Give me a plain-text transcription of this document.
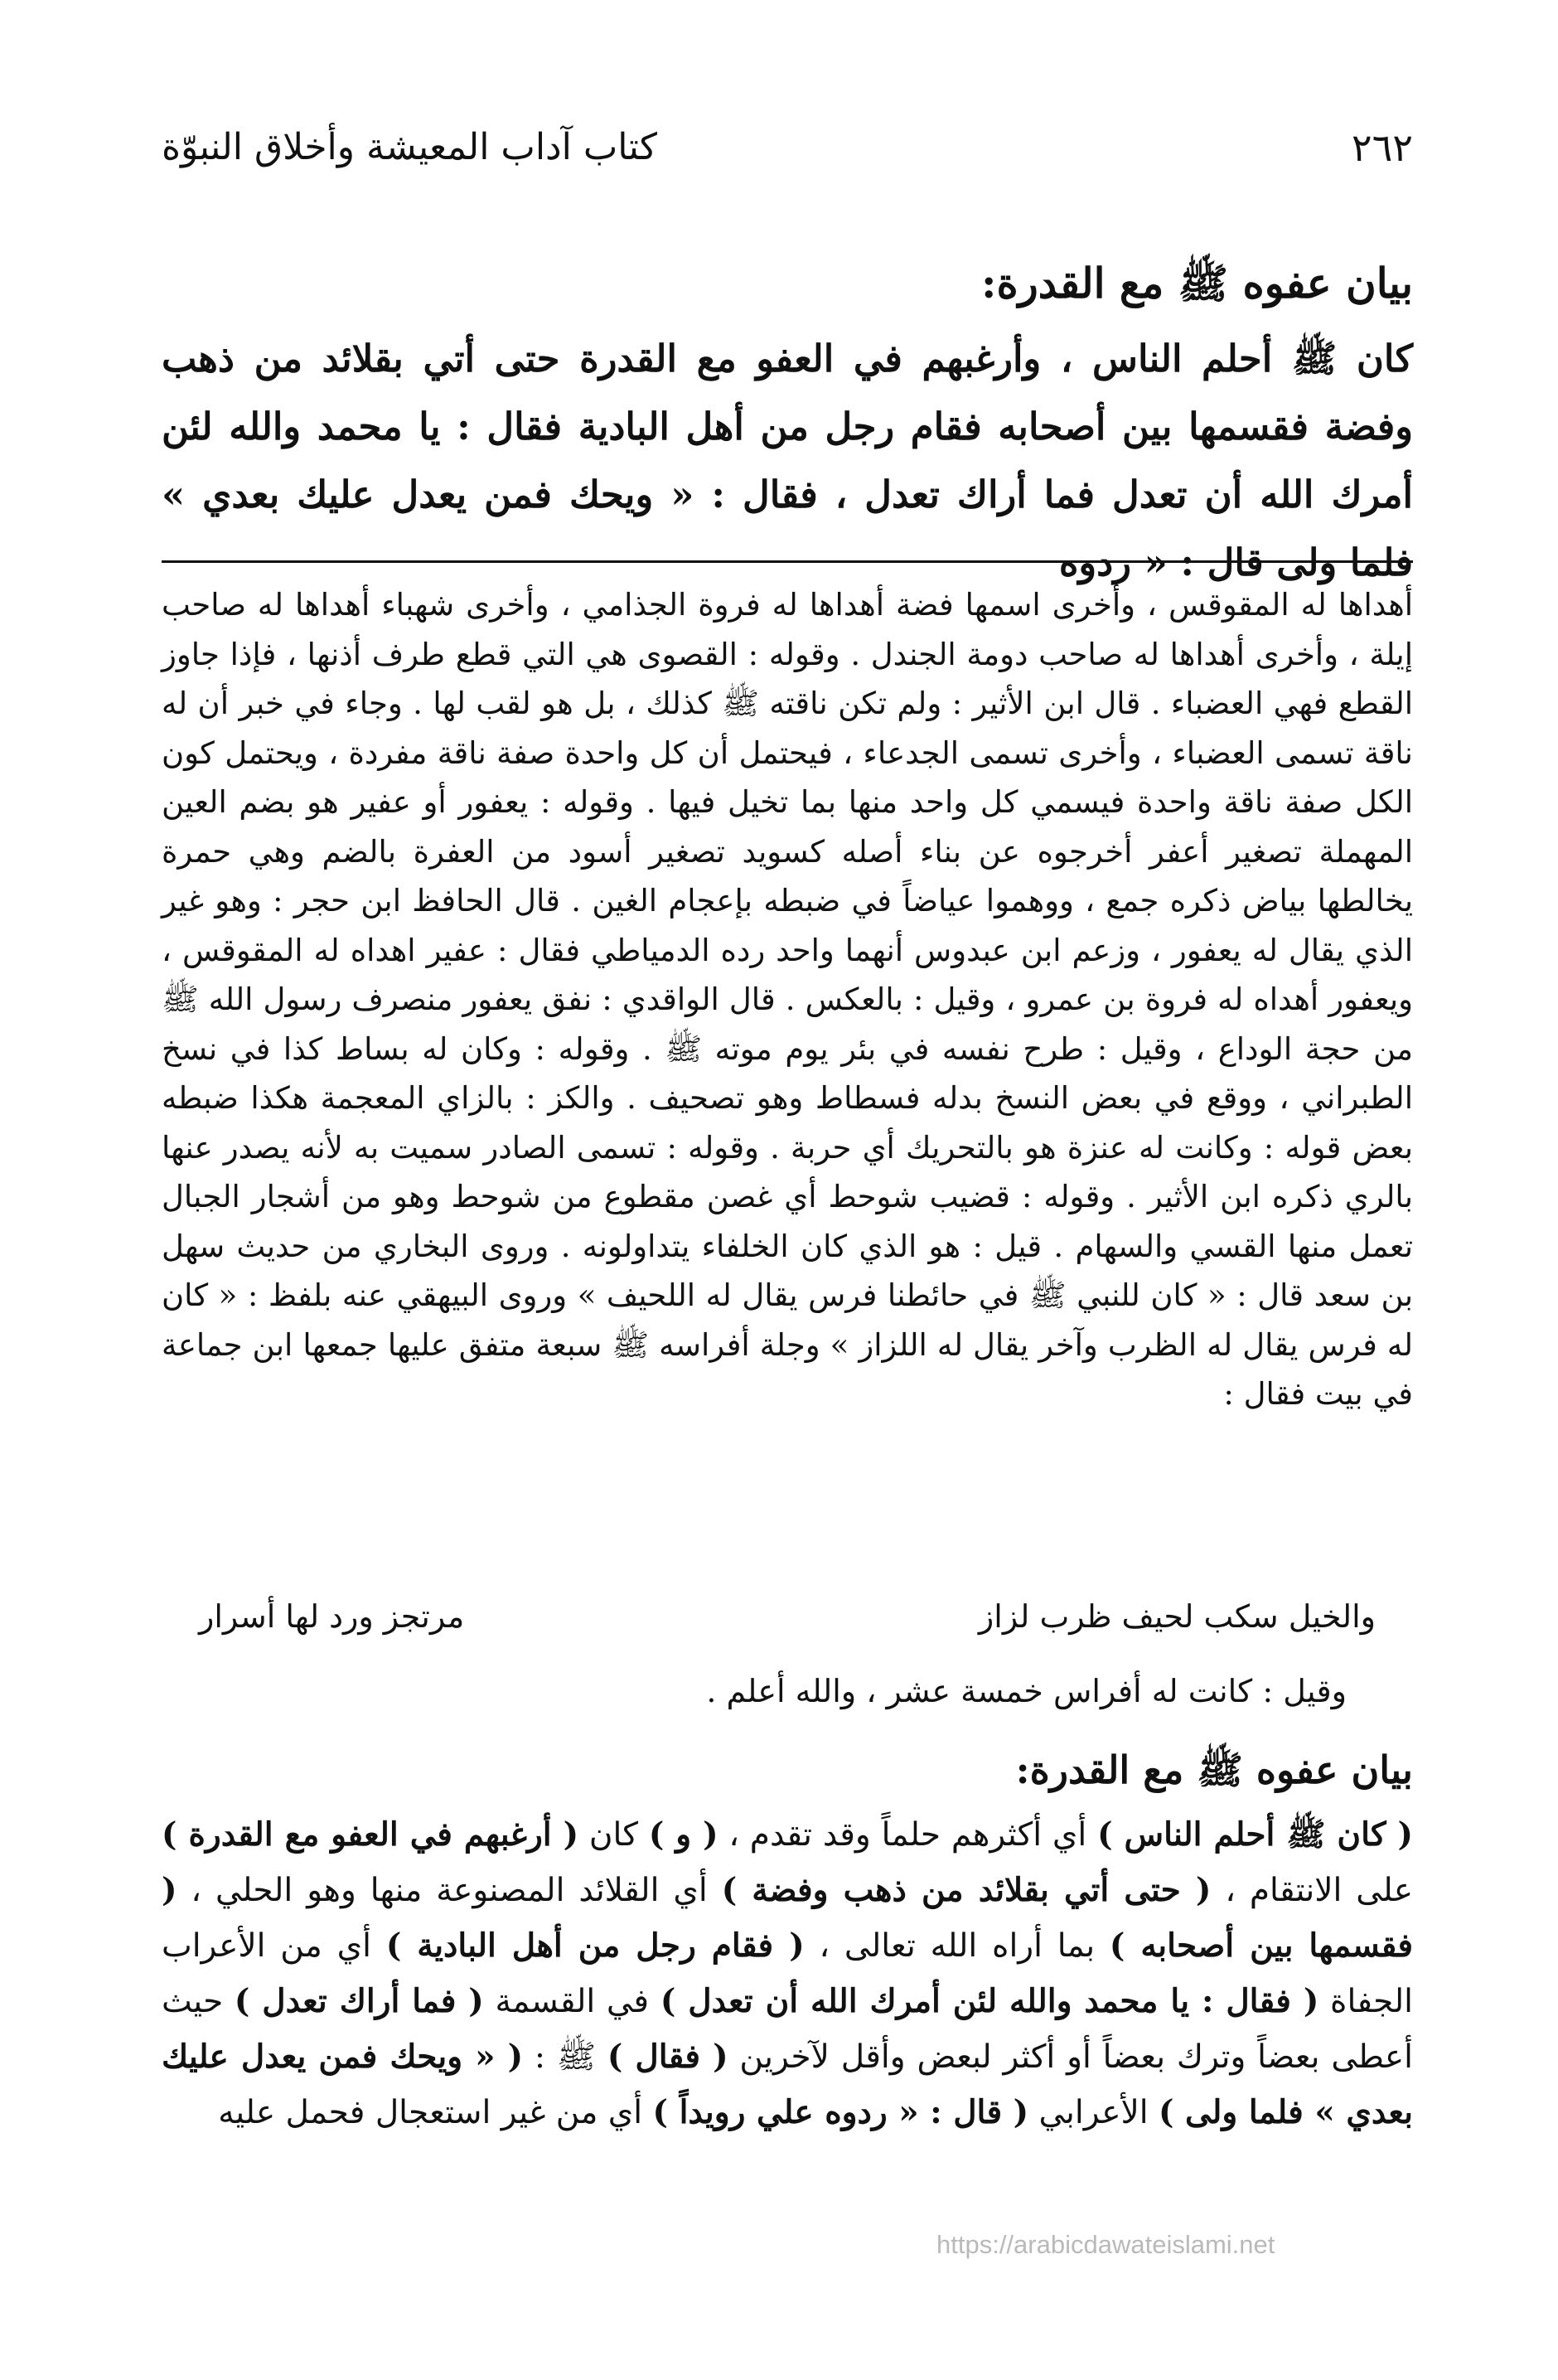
٢٦٢
كتاب آداب المعيشة وأخلاق النبوّة
بيان عفوه ﷺ مع القدرة:

كان ﷺ أحلم الناس ، وأرغبهم في العفو مع القدرة حتى أتي بقلائد من ذهب وفضة فقسمها بين أصحابه فقام رجل من أهل البادية فقال : يا محمد والله لئن أمرك الله أن تعدل فما أراك تعدل ، فقال : « ويحك فمن يعدل عليك بعدي » فلما ولى قال : « ردوه

أهداها له المقوقس ، وأخرى اسمها فضة أهداها له فروة الجذامي ، وأخرى شهباء أهداها له صاحب إيلة ، وأخرى أهداها له صاحب دومة الجندل . وقوله : القصوى هي التي قطع طرف أذنها ، فإذا جاوز القطع فهي العضباء . قال ابن الأثير : ولم تكن ناقته ﷺ كذلك ، بل هو لقب لها . وجاء في خبر أن له ناقة تسمى العضباء ، وأخرى تسمى الجدعاء ، فيحتمل أن كل واحدة صفة ناقة مفردة ، ويحتمل كون الكل صفة ناقة واحدة فيسمي كل واحد منها بما تخيل فيها . وقوله : يعفور أو عفير هو بضم العين المهملة تصغير أعفر أخرجوه عن بناء أصله كسويد تصغير أسود من العفرة بالضم وهي حمرة يخالطها بياض ذكره جمع ، ووهموا عياضاً في ضبطه بإعجام الغين . قال الحافظ ابن حجر : وهو غير الذي يقال له يعفور ، وزعم ابن عبدوس أنهما واحد رده الدمياطي فقال : عفير اهداه له المقوقس ، ويعفور أهداه له فروة بن عمرو ، وقيل : بالعكس . قال الواقدي : نفق يعفور منصرف رسول الله ﷺ من حجة الوداع ، وقيل : طرح نفسه في بئر يوم موته ﷺ . وقوله : وكان له بساط كذا في نسخ الطبراني ، ووقع في بعض النسخ بدله فسطاط وهو تصحيف . والكز : بالزاي المعجمة هكذا ضبطه بعض قوله : وكانت له عنزة هو بالتحريك أي حربة . وقوله : تسمى الصادر سميت به لأنه يصدر عنها بالري ذكره ابن الأثير . وقوله : قضيب شوحط أي غصن مقطوع من شوحط وهو من أشجار الجبال تعمل منها القسي والسهام . قيل : هو الذي كان الخلفاء يتداولونه . وروى البخاري من حديث سهل بن سعد قال : « كان للنبي ﷺ في حائطنا فرس يقال له اللحيف » وروى البيهقي عنه بلفظ : « كان له فرس يقال له الظرب وآخر يقال له اللزاز » وجلة أفراسه ﷺ سبعة متفق عليها جمعها ابن جماعة في بيت فقال :

والخيل سكب لحيف ظرب لزاز
مرتجز ورد لها أسرار

وقيل : كانت له أفراس خمسة عشر ، والله أعلم .

بيان عفوه ﷺ مع القدرة:

( كان ﷺ أحلم الناس ) أي أكثرهم حلماً وقد تقدم ، ( و ) كان ( أرغبهم في العفو مع القدرة ) على الانتقام ، ( حتى أتي بقلائد من ذهب وفضة ) أي القلائد المصنوعة منها وهو الحلي ، ( فقسمها بين أصحابه ) بما أراه الله تعالى ، ( فقام رجل من أهل البادية ) أي من الأعراب الجفاة ( فقال : يا محمد والله لئن أمرك الله أن تعدل ) في القسمة ( فما أراك تعدل ) حيث أعطى بعضاً وترك بعضاً أو أكثر لبعض وأقل لآخرين ( فقال ) ﷺ : ( « ويحك فمن يعدل عليك بعدي » فلما ولى ) الأعرابي ( قال : « ردوه علي رويداً ) أي من غير استعجال فحمل عليه

https://arabicdawateislami.net
